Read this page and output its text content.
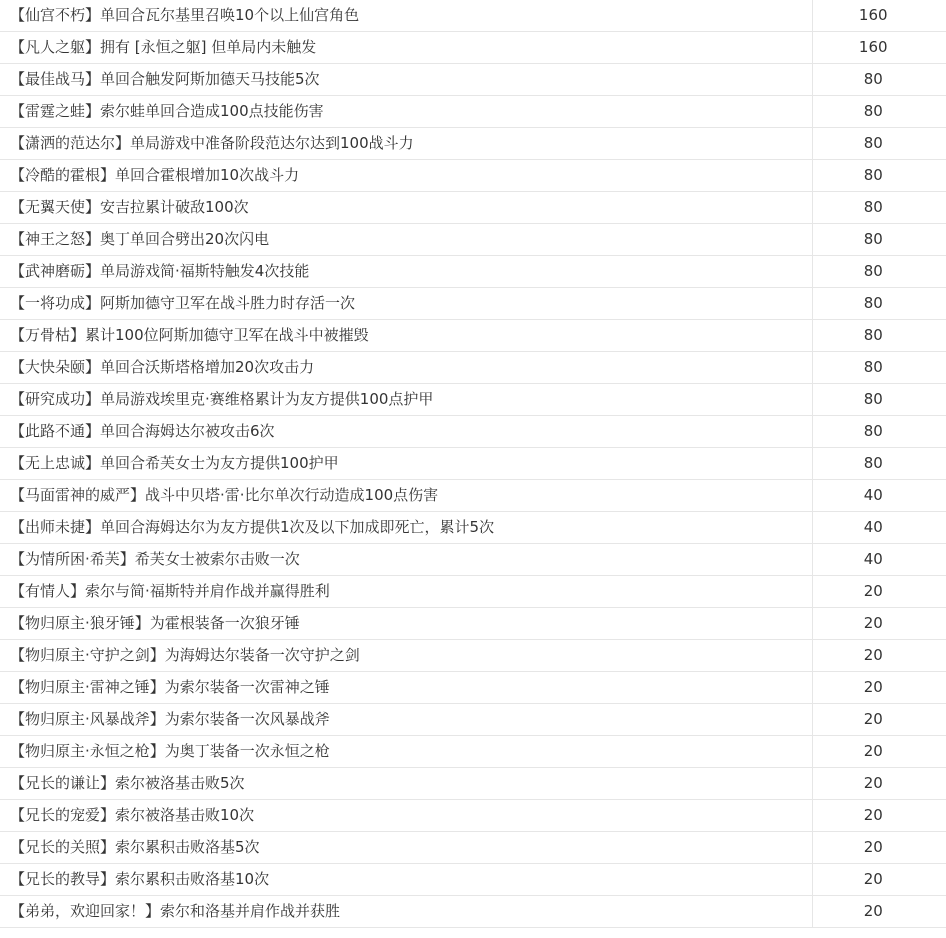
【仙宫不朽】单回合瓦尔基里召唤10个以上仙宫角色	160
【凡人之躯】拥有 [永恒之躯] 但单局内未触发	160
【最佳战马】单回合触发阿斯加德天马技能5次	80
【雷霆之蛙】索尔蛙单回合造成100点技能伤害	80
【潇洒的范达尔】单局游戏中准备阶段范达尔达到100战斗力	80
【冷酷的霍根】单回合霍根增加10次战斗力	80
【无翼天使】安吉拉累计破敌100次	80
【神王之怒】奥丁单回合劈出20次闪电	80
【武神磨砺】单局游戏简·福斯特触发4次技能	80
【一将功成】阿斯加德守卫军在战斗胜力时存活一次	80
【万骨枯】累计100位阿斯加德守卫军在战斗中被摧毁	80
【大快朵颐】单回合沃斯塔格增加20次攻击力	80
【研究成功】单局游戏埃里克·赛维格累计为友方提供100点护甲	80
【此路不通】单回合海姆达尔被攻击6次	80
【无上忠诚】单回合希芙女士为友方提供100护甲	80
【马面雷神的威严】战斗中贝塔·雷·比尔单次行动造成100点伤害	40
【出师未捷】单回合海姆达尔为友方提供1次及以下加成即死亡，累计5次	40
【为情所困·希芙】希芙女士被索尔击败一次	40
【有情人】索尔与简·福斯特并肩作战并赢得胜利	20
【物归原主·狼牙锤】为霍根装备一次狼牙锤	20
【物归原主·守护之剑】为海姆达尔装备一次守护之剑	20
【物归原主·雷神之锤】为索尔装备一次雷神之锤	20
【物归原主·风暴战斧】为索尔装备一次风暴战斧	20
【物归原主·永恒之枪】为奥丁装备一次永恒之枪	20
【兄长的谦让】索尔被洛基击败5次	20
【兄长的宠爱】索尔被洛基击败10次	20
【兄长的关照】索尔累积击败洛基5次	20
【兄长的教导】索尔累积击败洛基10次	20
【弟弟，欢迎回家！】索尔和洛基并肩作战并获胜	20
